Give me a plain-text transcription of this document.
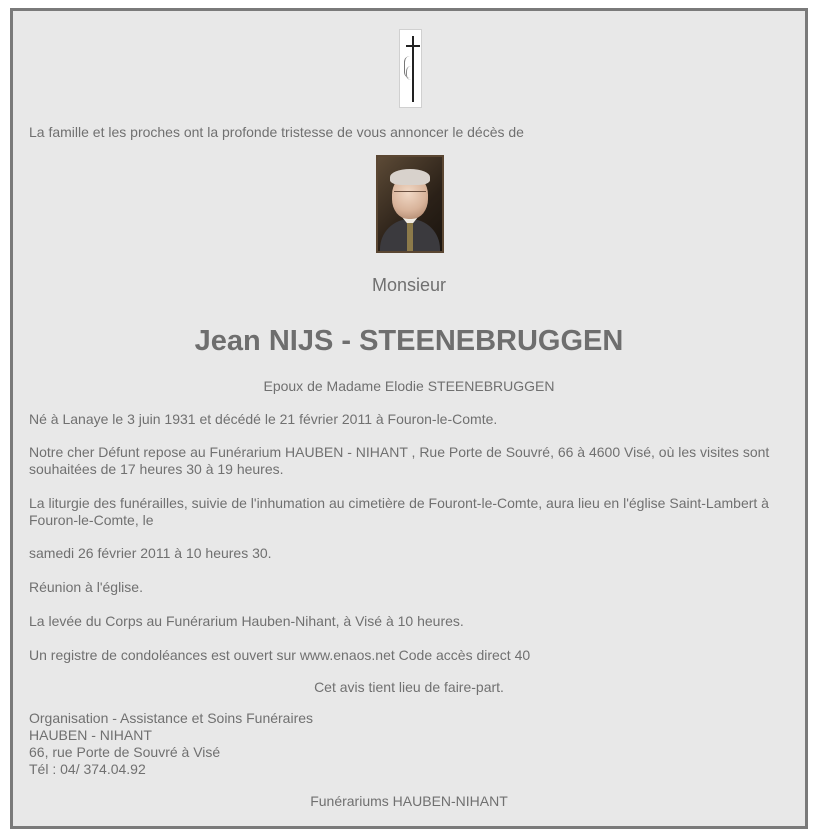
La famille et les proches ont la profonde tristesse de vous annoncer le décès de
Monsieur
Jean NIJS - STEENEBRUGGEN
Epoux de Madame Elodie STEENEBRUGGEN
Né à Lanaye le 3 juin 1931 et décédé le 21 février 2011 à Fouron-le-Comte.
Notre cher Défunt repose au Funérarium HAUBEN - NIHANT , Rue Porte de Souvré, 66 à 4600 Visé, où les visites sont souhaitées de 17 heures 30 à 19 heures.
La liturgie des funérailles, suivie de l'inhumation au cimetière de Fouront-le-Comte, aura lieu en l'église Saint-Lambert à Fouron-le-Comte, le
samedi 26 février 2011 à 10 heures 30.
Réunion à l'église.
La levée du Corps au Funérarium Hauben-Nihant, à Visé à 10 heures.
Un registre de condoléances est ouvert sur www.enaos.net Code accès direct 40
Cet avis tient lieu de faire-part.
Organisation - Assistance et Soins Funéraires
HAUBEN - NIHANT
66, rue Porte de Souvré à Visé
Tél : 04/ 374.04.92
Funérariums HAUBEN-NIHANT
